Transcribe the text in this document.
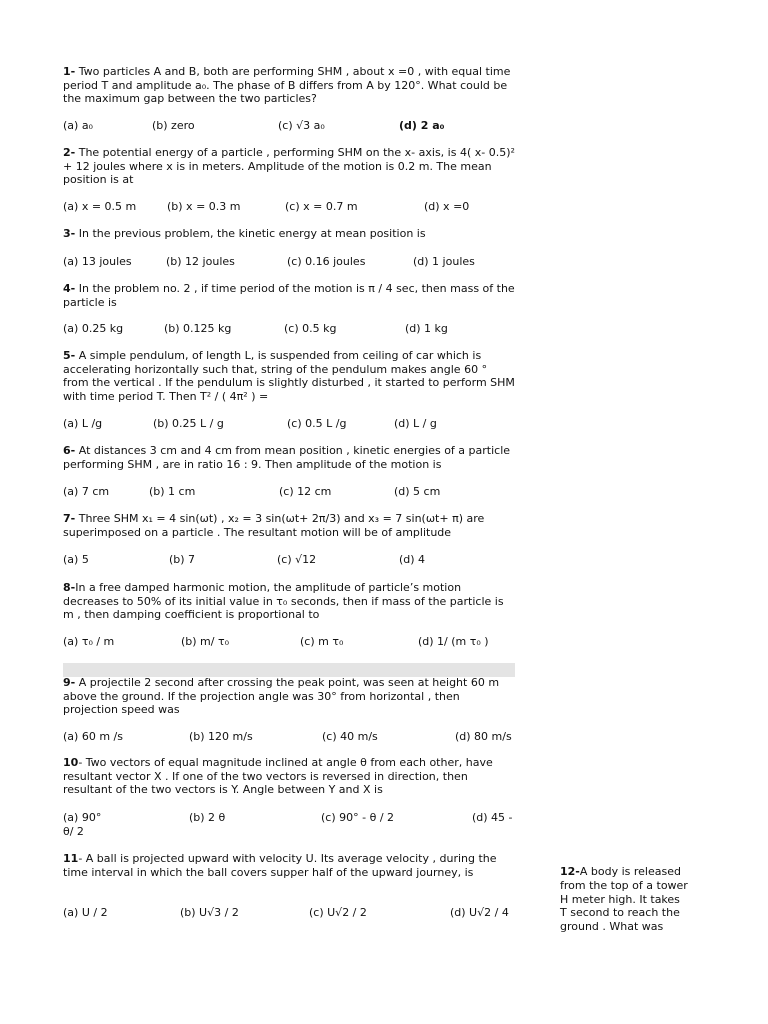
1- Two particles A and B, both are performing SHM , about x =0 , with equal time period T and amplitude a₀. The phase of B differs from A by 120°. What could be the maximum gap between the two particles?

(a) a₀	(b) zero	(c) √3 a₀	(d) 2 a₀

2- The potential energy of a particle , performing SHM on the x- axis, is 4( x- 0.5)² + 12 joules where x is in meters. Amplitude of the motion is 0.2 m. The mean position is at

(a) x = 0.5 m	(b) x = 0.3 m	(c) x = 0.7 m	(d) x =0

3- In the previous problem, the kinetic energy at mean position is

(a) 13 joules	(b) 12 joules	(c) 0.16 joules	(d) 1 joules

4- In the problem no. 2 , if time period of the motion is π / 4 sec, then mass of the particle is

(a) 0.25 kg	(b) 0.125 kg	(c) 0.5 kg	(d) 1 kg

5- A simple pendulum, of length L, is suspended from ceiling of car which is accelerating horizontally such that, string of the pendulum makes angle 60 ° from the vertical . If the pendulum is slightly disturbed , it started to perform SHM with time period T. Then T² / ( 4π² ) =

(a) L /g	(b) 0.25 L / g	(c) 0.5 L /g	(d) L / g

6- At distances 3 cm and 4 cm from mean position , kinetic energies of a particle performing SHM , are in ratio 16 : 9. Then amplitude of the motion is

(a) 7 cm	(b) 1 cm	(c) 12 cm	(d) 5 cm

7- Three SHM x₁ = 4 sin(ωt) , x₂ = 3 sin(ωt+ 2π/3) and x₃ = 7 sin(ωt+ π) are superimposed on a particle . The resultant motion will be of amplitude

(a) 5	(b) 7	(c) √12	(d) 4

8-In a free damped harmonic motion, the amplitude of particle’s motion decreases to 50% of its initial value in τ₀ seconds, then if mass of the particle is m , then damping coefficient is proportional to

(a) τ₀ / m	(b) m/ τ₀	(c) m τ₀	(d) 1/ (m τ₀ )

9- A projectile 2 second after crossing the peak point, was seen at height 60 m above the ground. If the projection angle was 30° from horizontal , then projection speed was

(a) 60 m /s	(b) 120 m/s	(c) 40 m/s	(d) 80 m/s

10- Two vectors of equal magnitude inclined at angle θ from each other, have resultant vector X . If one of the two vectors is reversed in direction, then resultant of the two vectors is Y. Angle between Y and X is

(a) 90°	(b) 2 θ	(c) 90° - θ / 2	(d) 45 -
θ/ 2

11- A ball is projected upward with velocity U. Its average velocity , during the time interval in which the ball covers supper half of the upward journey, is

(a) U / 2	(b) U√3 / 2	(c) U√2 / 2	(d) U√2 / 4
12-A body is released from the top of a tower H meter high. It takes T second to reach the ground . What was
